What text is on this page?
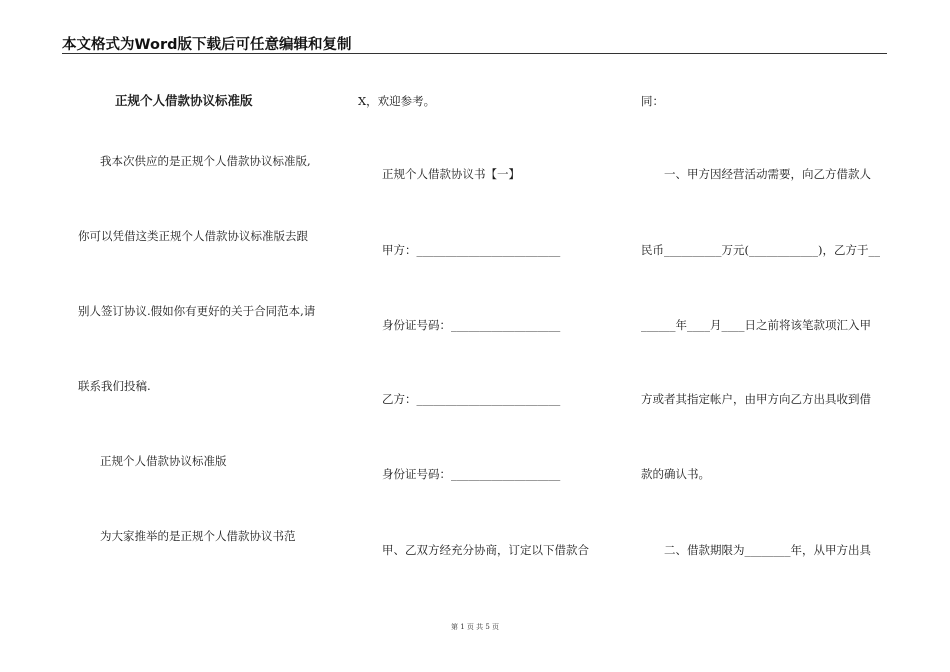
本文格式为Word版下载后可任意编辑和复制
正规个人借款协议标准版
我本次供应的是正规个人借款协议标准版,
你可以凭借这类正规个人借款协议标准版去跟
别人签订协议.假如你有更好的关于合同范本,请
联系我们投稿.
正规个人借款协议标准版
为大家推举的是正规个人借款协议书范
X，欢迎参考。
正规个人借款协议书【一】
甲方：_________________________
身份证号码：___________________
乙方：_________________________
身份证号码：___________________
甲、乙双方经充分协商，订定以下借款合
同：
一、甲方因经营活动需要，向乙方借款人
民币__________万元(____________)，乙方于__
______年____月____日之前将该笔款项汇入甲
方或者其指定帐户，由甲方向乙方出具收到借
款的确认书。
二、借款期限为________年，从甲方出具
第 1 页 共 5 页
